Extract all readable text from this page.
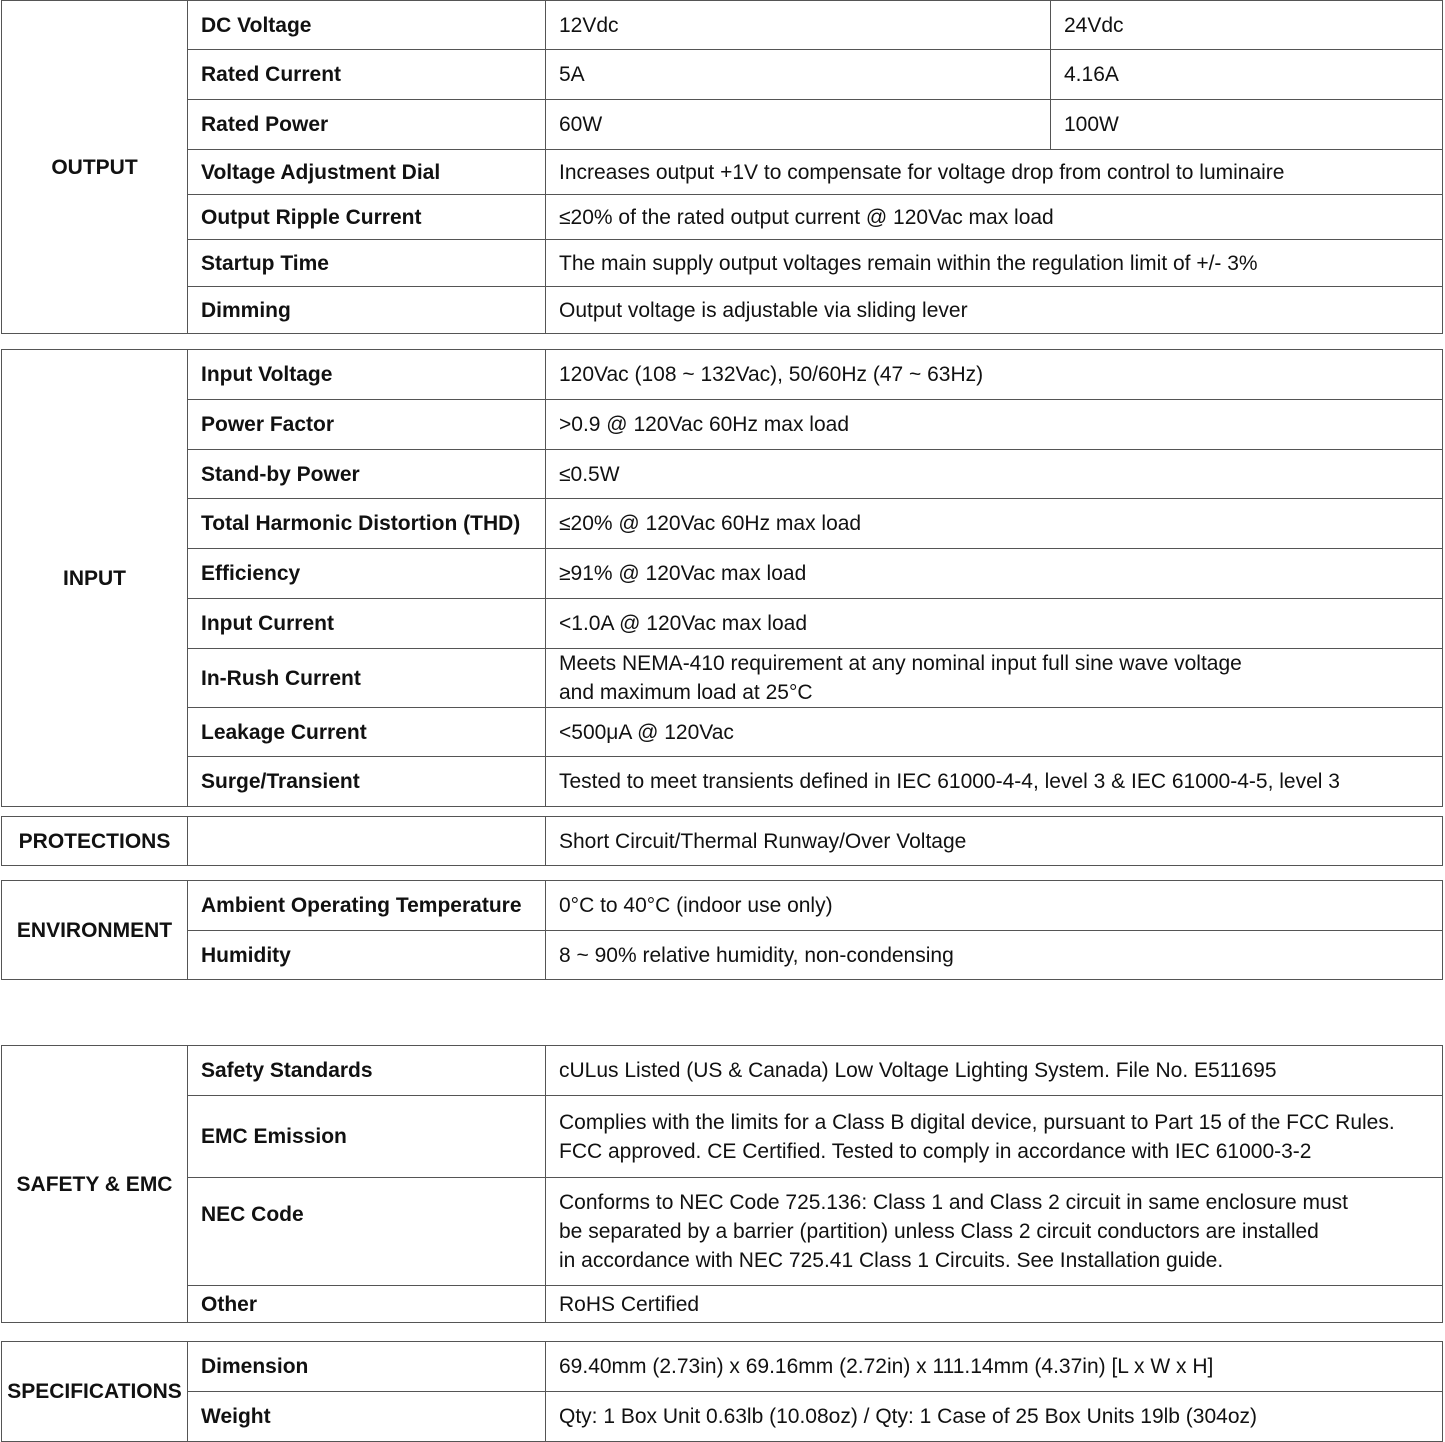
OUTPUT	DC Voltage	12Vdc	24Vdc
	Rated Current	5A	4.16A
	Rated Power	60W	100W
	Voltage Adjustment Dial	Increases output +1V to compensate for voltage drop from control to luminaire	
	Output Ripple Current	≤20% of the rated output current @ 120Vac max load	
	Startup Time	The main supply output voltages remain within the regulation limit of +/- 3%	
	Dimming	Output voltage is adjustable via sliding lever	
INPUT	Input Voltage	120Vac (108 ~ 132Vac), 50/60Hz (47 ~ 63Hz)
	Power Factor	>0.9 @ 120Vac 60Hz max load
	Stand-by Power	≤0.5W
	Total Harmonic Distortion (THD)	≤20% @ 120Vac 60Hz max load
	Efficiency	≥91% @ 120Vac max load
	Input Current	<1.0A @ 120Vac max load
	In-Rush Current	Meets NEMA-410 requirement at any nominal input full sine wave voltage
and maximum load at 25°C
	Leakage Current	<500μA @ 120Vac
	Surge/Transient	Tested to meet transients defined in IEC 61000-4-4, level 3 & IEC 61000-4-5, level 3
PROTECTIONS		Short Circuit/Thermal Runway/Over Voltage
ENVIRONMENT	Ambient Operating Temperature	0°C to 40°C (indoor use only)
	Humidity	8 ~ 90% relative humidity, non-condensing
SAFETY & EMC	Safety Standards	cULus Listed (US & Canada) Low Voltage Lighting System. File No. E511695
	EMC Emission	Complies with the limits for a Class B digital device, pursuant to Part 15 of the FCC Rules.
FCC approved. CE Certified. Tested to comply in accordance with IEC 61000-3-2
	NEC Code	Conforms to NEC Code 725.136: Class 1 and Class 2 circuit in same enclosure must
be separated by a barrier (partition) unless Class 2 circuit conductors are installed
in accordance with NEC 725.41 Class 1 Circuits. See Installation guide.
	Other	RoHS Certified
SPECIFICATIONS	Dimension	69.40mm (2.73in) x 69.16mm (2.72in) x 111.14mm (4.37in) [L x W x H]
	Weight	Qty: 1 Box Unit 0.63lb (10.08oz) / Qty: 1 Case of 25 Box Units 19lb (304oz)
